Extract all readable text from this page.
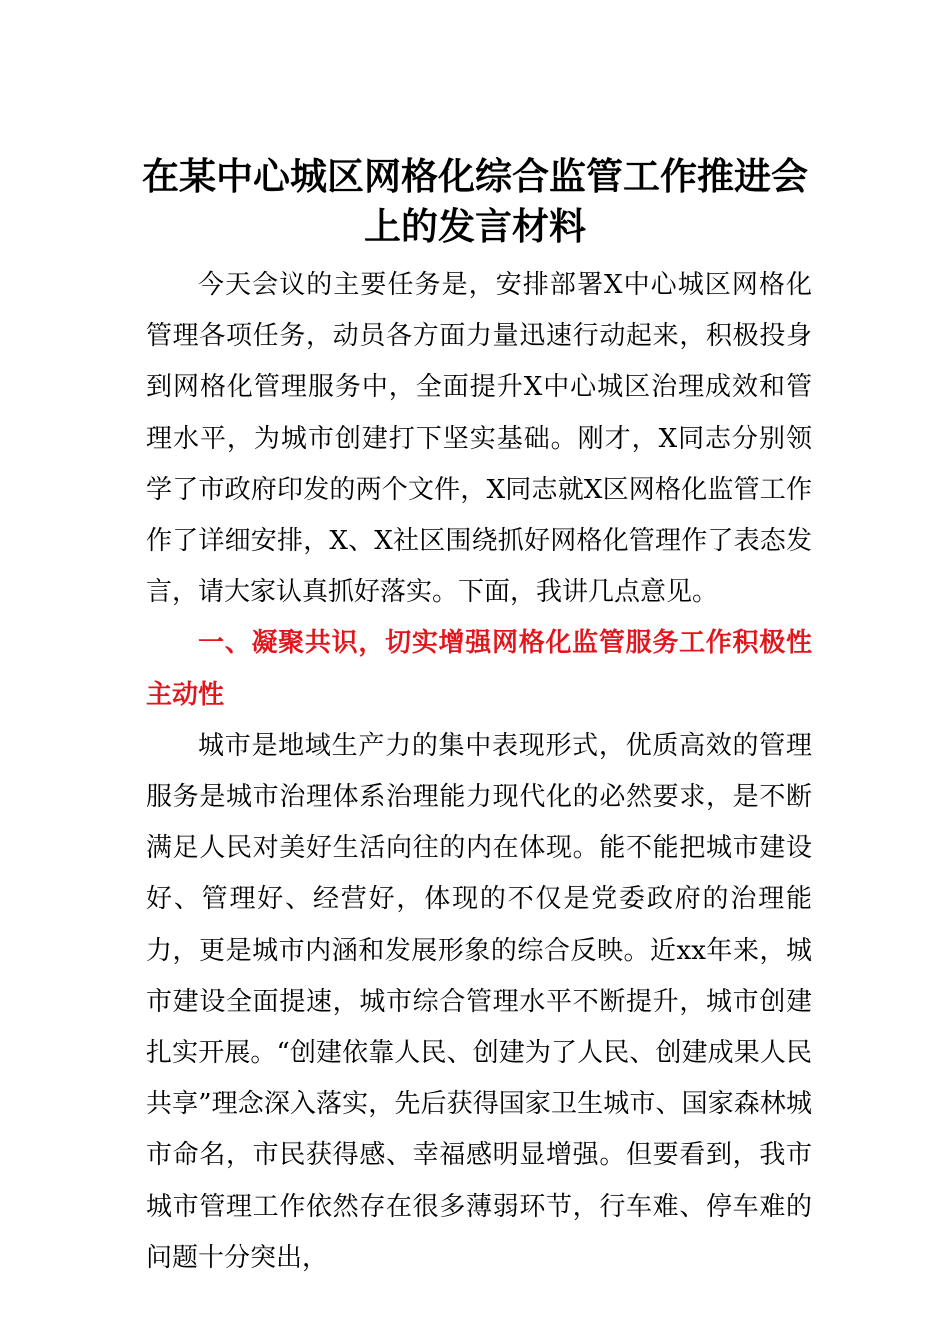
在某中心城区网格化综合监管工作推进会
上的发言材料

今天会议的主要任务是，安排部署X中心城区网格化管理各项任务，动员各方面力量迅速行动起来，积极投身到网格化管理服务中，全面提升X中心城区治理成效和管理水平，为城市创建打下坚实基础。刚才，X同志分别领学了市政府印发的两个文件，X同志就X区网格化监管工作作了详细安排，X、X社区围绕抓好网格化管理作了表态发言，请大家认真抓好落实。下面，我讲几点意见。

一、凝聚共识，切实增强网格化监管服务工作积极性主动性

城市是地域生产力的集中表现形式，优质高效的管理服务是城市治理体系治理能力现代化的必然要求，是不断满足人民对美好生活向往的内在体现。能不能把城市建设好、管理好、经营好，体现的不仅是党委政府的治理能力，更是城市内涵和发展形象的综合反映。近xx年来，城市建设全面提速，城市综合管理水平不断提升，城市创建扎实开展。“创建依靠人民、创建为了人民、创建成果人民共享”理念深入落实，先后获得国家卫生城市、国家森林城市命名，市民获得感、幸福感明显增强。但要看到，我市城市管理工作依然存在很多薄弱环节，行车难、停车难的问题十分突出，
